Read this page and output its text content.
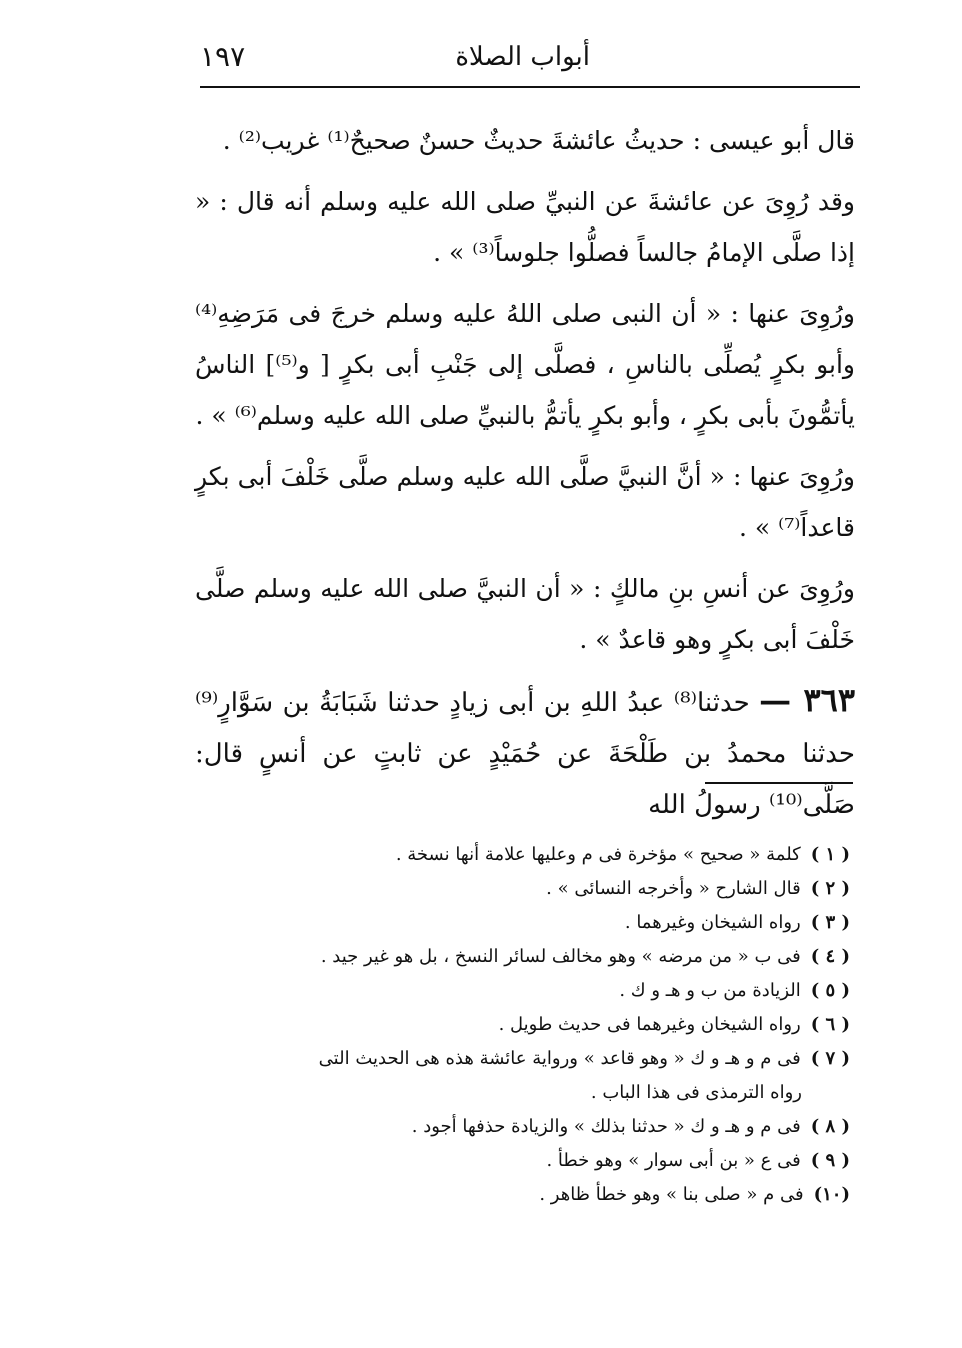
أبواب الصلاة
١٩٧

قال أبو عيسى : حديثُ عائشةَ حديثٌ حسنٌ صحيحٌ⁽¹⁾ غريب⁽²⁾ .

وقد رُوِىَ عن عائشةَ عن النبيِّ صلى الله عليه وسلم أنه قال : « إذا صلَّى الإمامُ جالساً فصلُّوا جلوساً⁽³⁾ » .

ورُوِىَ عنها : « أن النبى صلى اللهُ عليه وسلم خرجَ فى مَرَضِهِ⁽⁴⁾ وأبو بكرٍ يُصلِّى بالناسِ ، فصلَّى إلى جَنْبِ أبى بكرٍ [ و⁽⁵⁾] الناسُ يأتمُّونَ بأبى بكرٍ ، وأبو بكرٍ يأتمُّ بالنبيِّ صلى الله عليه وسلم⁽⁶⁾ » .

ورُوِىَ عنها : « أنَّ النبيَّ صلَّى الله عليه وسلم صلَّى خَلْفَ أبى بكرٍ قاعداً⁽⁷⁾ » .

ورُوِىَ عن أنسِ بنِ مالكٍ : « أن النبيَّ صلى الله عليه وسلم صلَّى خَلْفَ أبى بكرٍ وهو قاعدٌ » .

٣٦٣ — حدثنا⁽⁸⁾ عبدُ اللهِ بن أبى زيادٍ حدثنا شَبَابَةُ بن سَوَّارٍ⁽⁹⁾ حدثنا محمدُ بن طَلْحَةَ عن حُمَيْدٍ عن ثابتٍ عن أنسٍ قال: صَلَّى⁽¹⁰⁾ رسولُ الله

( ١ )كلمة « صحيح » مؤخرة فى م وعليها علامة أنها نسخة .
( ٢ )قال الشارح « وأخرجه النسائى » .
( ٣ )رواه الشيخان وغيرهما .
( ٤ )فى ب « من مرضه » وهو مخالف لسائر النسخ ، بل هو غير جيد .
( ٥ )الزيادة من ب و هـ و ك .
( ٦ )رواه الشيخان وغيرهما فى حديث طويل .
( ٧ )فى م و هـ و ك « وهو قاعد » ورواية عائشة هذه هى الحديث التى
رواه الترمذى فى هذا الباب .
( ٨ )فى م و هـ و ك « حدثنا بذلك » والزيادة حذفها أجود .
( ٩ )فى ع « بن أبى سوار » وهو خطأ .
(١٠)فى م « صلى بنا » وهو خطأ ظاهر .
